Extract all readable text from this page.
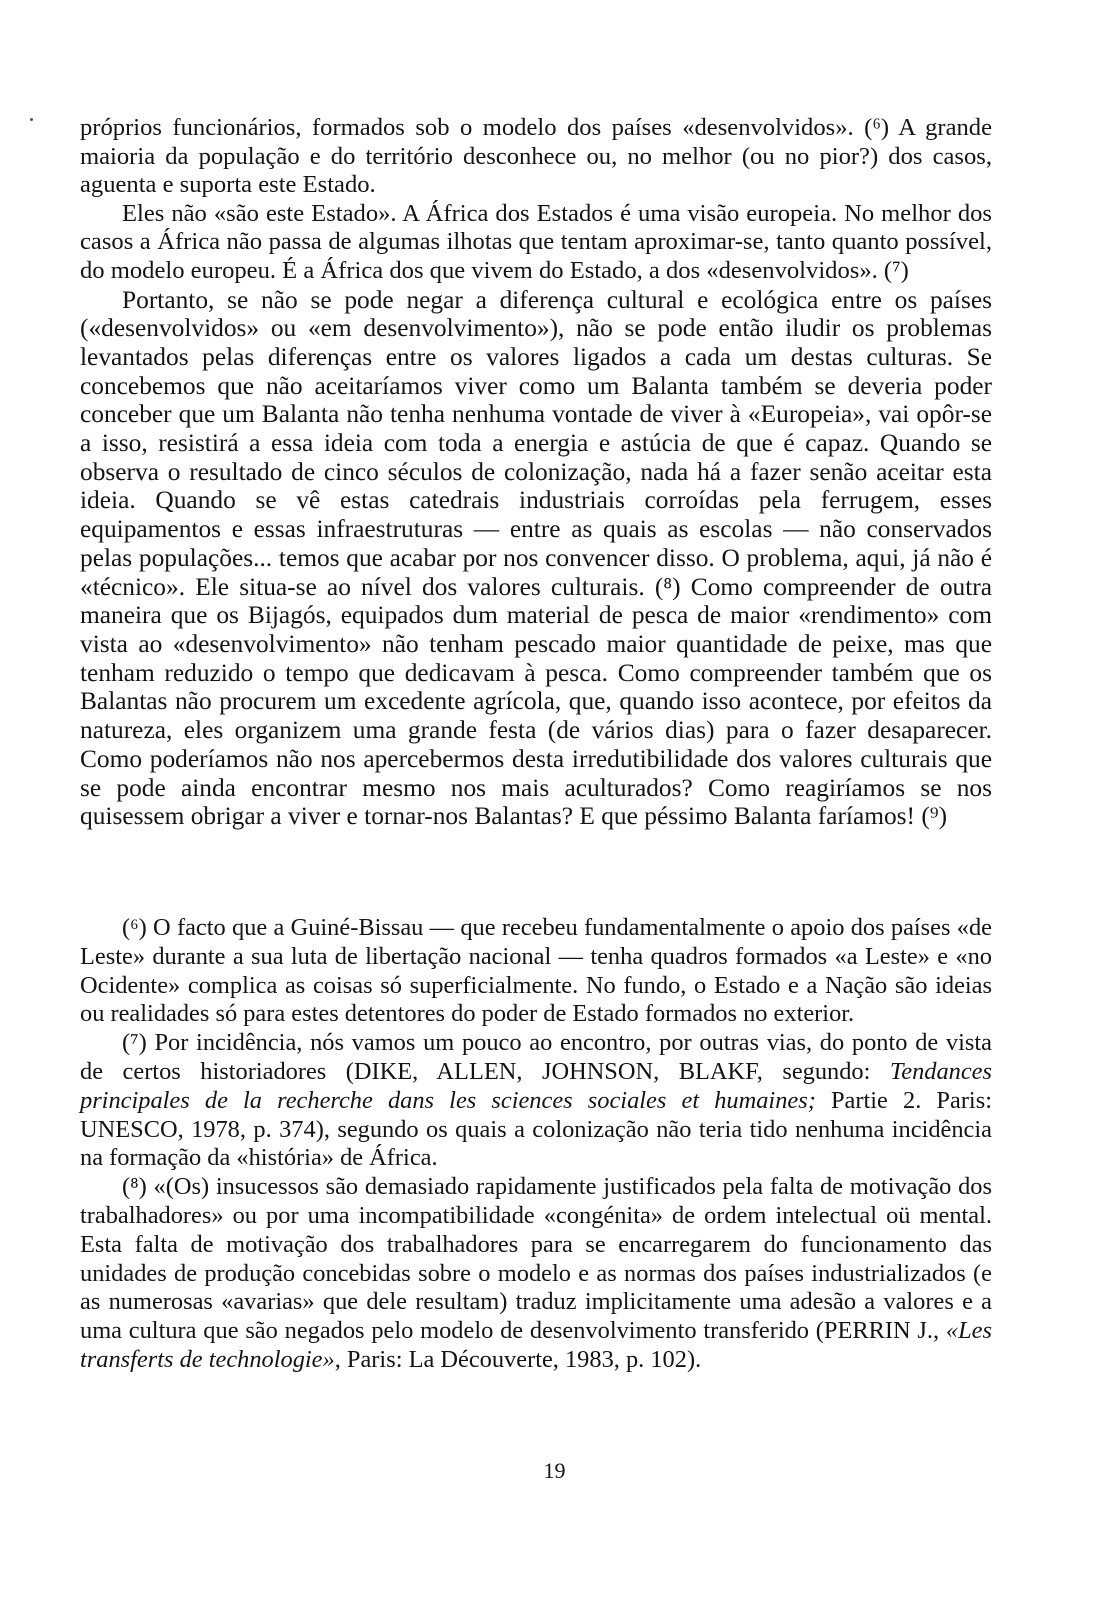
próprios funcionários, formados sob o modelo dos países «desenvolvidos». (⁶) A grande maioria da população e do território desconhece ou, no melhor (ou no pior?) dos casos, aguenta e suporta este Estado.

Eles não «são este Estado». A África dos Estados é uma visão europeia. No melhor dos casos a África não passa de algumas ilhotas que tentam aproximar-se, tanto quanto possível, do modelo europeu. É a África dos que vivem do Estado, a dos «desenvolvidos». (⁷)

Portanto, se não se pode negar a diferença cultural e ecológica entre os países («desenvolvidos» ou «em desenvolvimento»), não se pode então iludir os problemas levantados pelas diferenças entre os valores ligados a cada um destas culturas. Se concebemos que não aceitaríamos viver como um Balanta também se deveria poder conceber que um Balanta não tenha nenhuma vontade de viver à «Europeia», vai opôr-se a isso, resistirá a essa ideia com toda a energia e astúcia de que é capaz. Quando se observa o resultado de cinco séculos de colonização, nada há a fazer senão aceitar esta ideia. Quando se vê estas catedrais industriais corroídas pela ferrugem, esses equipamentos e essas infraestruturas — entre as quais as escolas — não conservados pelas populações... temos que acabar por nos convencer disso. O problema, aqui, já não é «técnico». Ele situa-se ao nível dos valores culturais. (⁸) Como compreender de outra maneira que os Bijagós, equipados dum material de pesca de maior «rendimento» com vista ao «desenvolvimento» não tenham pescado maior quantidade de peixe, mas que tenham reduzido o tempo que dedicavam à pesca. Como compreender também que os Balantas não procurem um excedente agrícola, que, quando isso acontece, por efeitos da natureza, eles organizem uma grande festa (de vários dias) para o fazer desaparecer. Como poderíamos não nos apercebermos desta irredutibilidade dos valores culturais que se pode ainda encontrar mesmo nos mais aculturados? Como reagiríamos se nos quisessem obrigar a viver e tornar-nos Balantas? E que péssimo Balanta faríamos! (⁹)

(⁶) O facto que a Guiné-Bissau — que recebeu fundamentalmente o apoio dos países «de Leste» durante a sua luta de libertação nacional — tenha quadros formados «a Leste» e «no Ocidente» complica as coisas só superficialmente. No fundo, o Estado e a Nação são ideias ou realidades só para estes detentores do poder de Estado formados no exterior.

(⁷) Por incidência, nós vamos um pouco ao encontro, por outras vias, do ponto de vista de certos historiadores (DIKE, ALLEN, JOHNSON, BLAKF, segundo: Tendances principales de la recherche dans les sciences sociales et humaines; Partie 2. Paris: UNESCO, 1978, p. 374), segundo os quais a colonização não teria tido nenhuma incidência na formação da «história» de África.

(⁸) «(Os) insucessos são demasiado rapidamente justificados pela falta de motivação dos trabalhadores» ou por uma incompatibilidade «congénita» de ordem intelectual oü mental. Esta falta de motivação dos trabalhadores para se encarregarem do funcionamento das unidades de produção concebidas sobre o modelo e as normas dos países industrializados (e as numerosas «avarias» que dele resultam) traduz implicitamente uma adesão a valores e a uma cultura que são negados pelo modelo de desenvolvimento transferido (PERRIN J., «Les transferts de technologie», Paris: La Découverte, 1983, p. 102).

19
